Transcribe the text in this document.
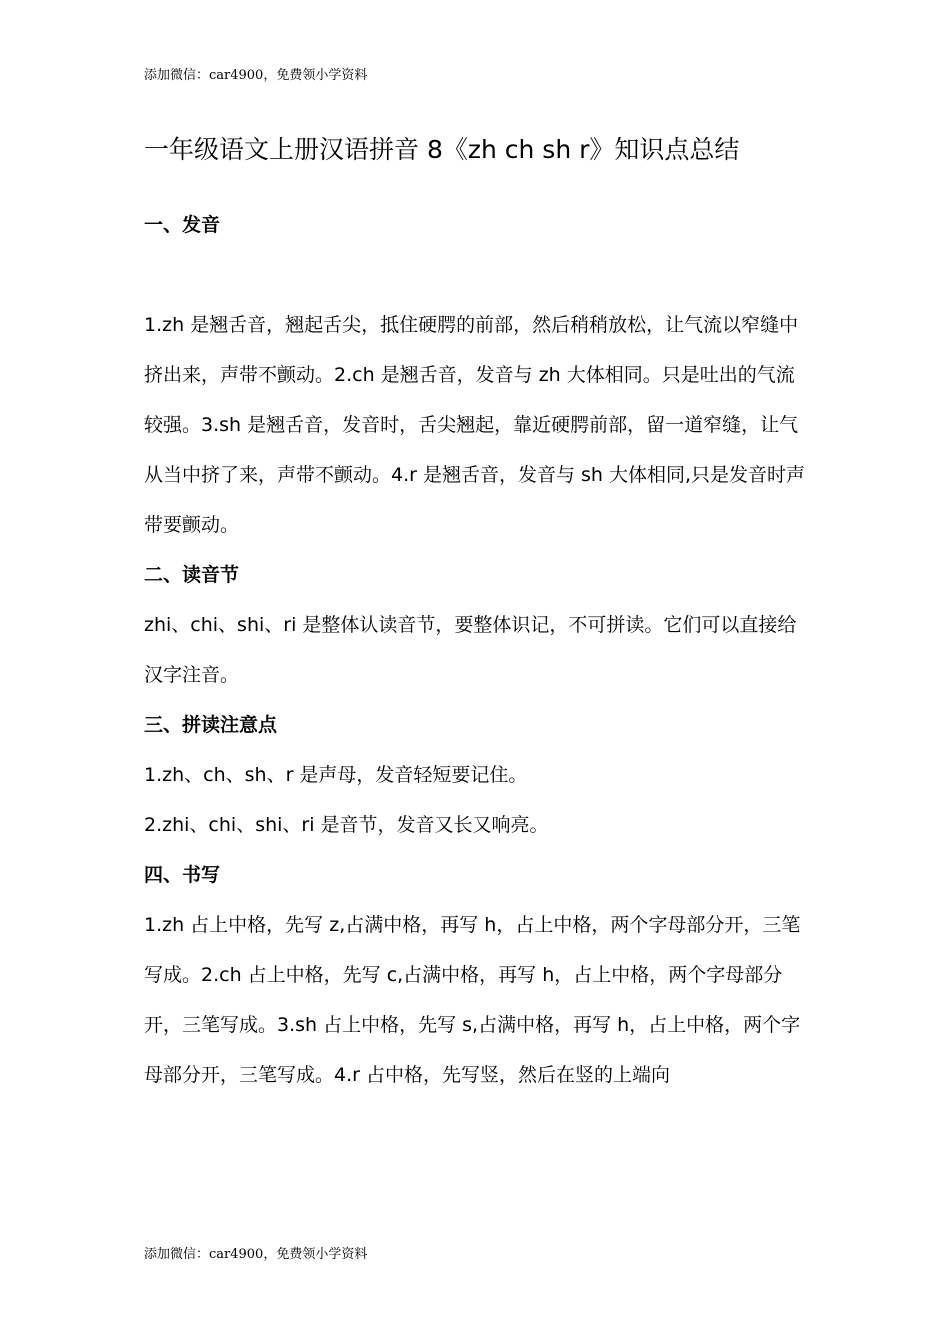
添加微信：car4900，免费领小学资料
一年级语文上册汉语拼音 8《zh ch sh r》知识点总结
一、发音

1.zh 是翘舌音，翘起舌尖，抵住硬腭的前部，然后稍稍放松，让气流以窄缝中挤出来，声带不颤动。2.ch 是翘舌音，发音与 zh 大体相同。只是吐出的气流较强。3.sh 是翘舌音，发音时，舌尖翘起，靠近硬腭前部，留一道窄缝，让气从当中挤了来，声带不颤动。4.r 是翘舌音，发音与 sh 大体相同,只是发音时声带要颤动。

二、读音节

zhi、chi、shi、ri 是整体认读音节，要整体识记，不可拼读。它们可以直接给汉字注音。

三、拼读注意点

1.zh、ch、sh、r 是声母，发音轻短要记住。

2.zhi、chi、shi、ri 是音节，发音又长又响亮。

四、书写

1.zh 占上中格，先写 z,占满中格，再写 h，占上中格，两个字母部分开，三笔写成。2.ch 占上中格，先写 c,占满中格，再写 h，占上中格，两个字母部分开，三笔写成。3.sh 占上中格，先写 s,占满中格，再写 h，占上中格，两个字母部分开，三笔写成。4.r 占中格，先写竖，然后在竖的上端向

添加微信：car4900，免费领小学资料
